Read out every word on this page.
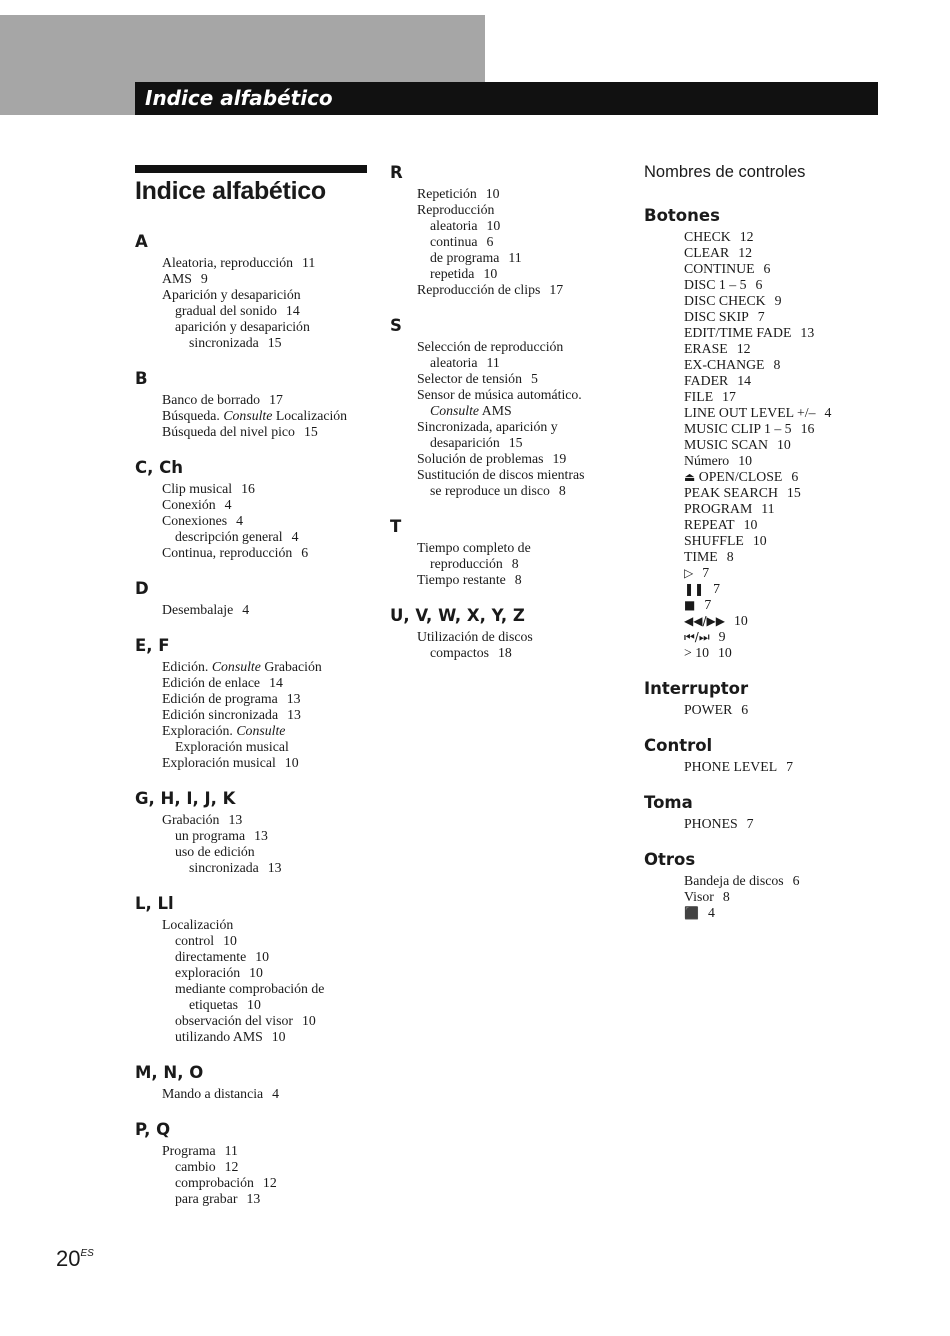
Indice alfabético
Indice alfabético
A
Aleatoria, reproducción 11
AMS 9
Aparición y desaparición
gradual del sonido 14
aparición y desaparición
sincronizada 15
B
Banco de borrado 17
Búsqueda. Consulte Localización
Búsqueda del nivel pico 15
C, Ch
Clip musical 16
Conexión 4
Conexiones 4
descripción general 4
Continua, reproducción 6
D
Desembalaje 4
E, F
Edición. Consulte Grabación
Edición de enlace 14
Edición de programa 13
Edición sincronizada 13
Exploración. Consulte
Exploración musical
Exploración musical 10
G, H, I, J, K
Grabación 13
un programa 13
uso de edición
sincronizada 13
L, Ll
Localización
control 10
directamente 10
exploración 10
mediante comprobación de
etiquetas 10
observación del visor 10
utilizando AMS 10
M, N, O
Mando a distancia 4
P, Q
Programa 11
cambio 12
comprobación 12
para grabar 13
R
Repetición 10
Reproducción
aleatoria 10
continua 6
de programa 11
repetida 10
Reproducción de clips 17
S
Selección de reproducción
aleatoria 11
Selector de tensión 5
Sensor de música automático.
Consulte AMS
Sincronizada, aparición y
desaparición 15
Solución de problemas 19
Sustitución de discos mientras
se reproduce un disco 8
T
Tiempo completo de
reproducción 8
Tiempo restante 8
U, V, W, X, Y, Z
Utilización de discos
compactos 18
Nombres de controles
Botones
CHECK 12
CLEAR 12
CONTINUE 6
DISC 1 – 5 6
DISC CHECK 9
DISC SKIP 7
EDIT/TIME FADE 13
ERASE 12
EX-CHANGE 8
FADER 14
FILE 17
LINE OUT LEVEL +/– 4
MUSIC CLIP 1 – 5 16
MUSIC SCAN 10
Número 10
⏏ OPEN/CLOSE 6
PEAK SEARCH 15
PROGRAM 11
REPEAT 10
SHUFFLE 10
TIME 8
▷ 7
❚❚ 7
■ 7
◀◀/▶▶ 10
⏮/⏭ 9
> 10 10
Interruptor
POWER 6
Control
PHONE LEVEL 7
Toma
PHONES 7
Otros
Bandeja de discos 6
Visor 8
⬛ 4
$20^{ES}$
